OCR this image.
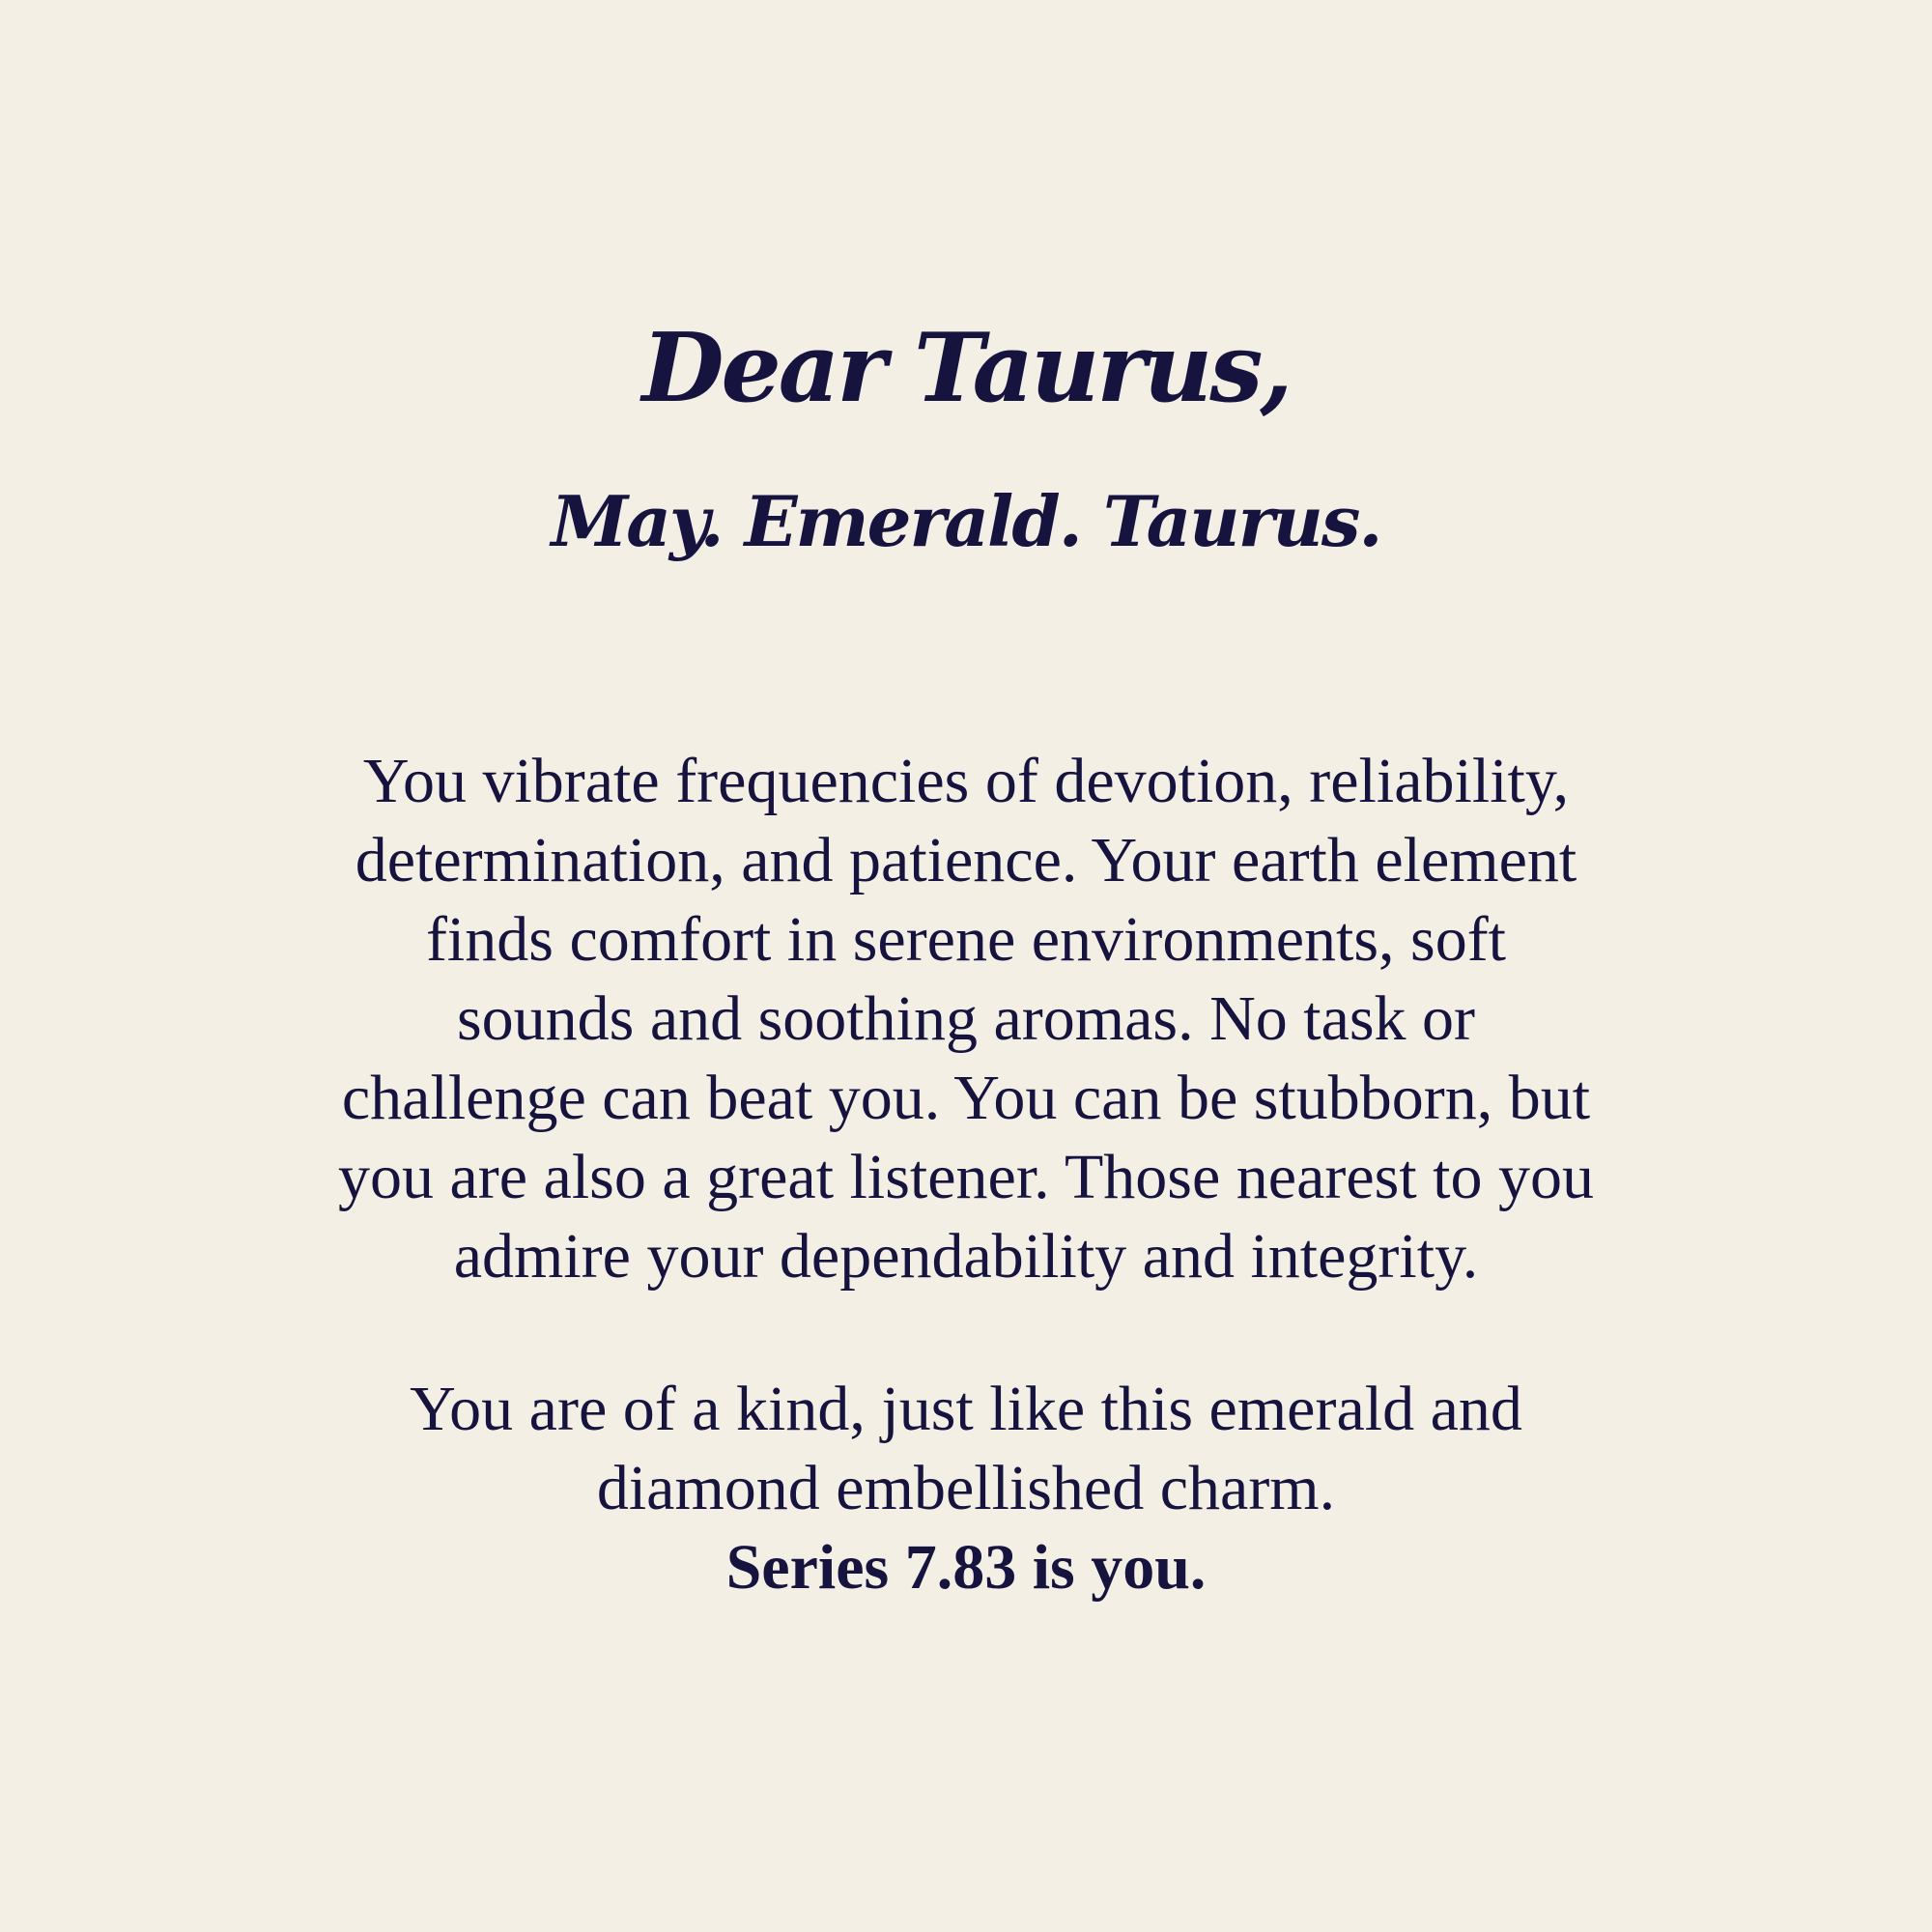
Dear Taurus,
May. Emerald. Taurus.

You vibrate frequencies of devotion, reliability,
determination, and patience. Your earth element
finds comfort in serene environments, soft
sounds and soothing aromas. No task or
challenge can beat you. You can be stubborn, but
you are also a great listener. Those nearest to you
admire your dependability and integrity.

You are of a kind, just like this emerald and
diamond embellished charm.

Series 7.83 is you.
